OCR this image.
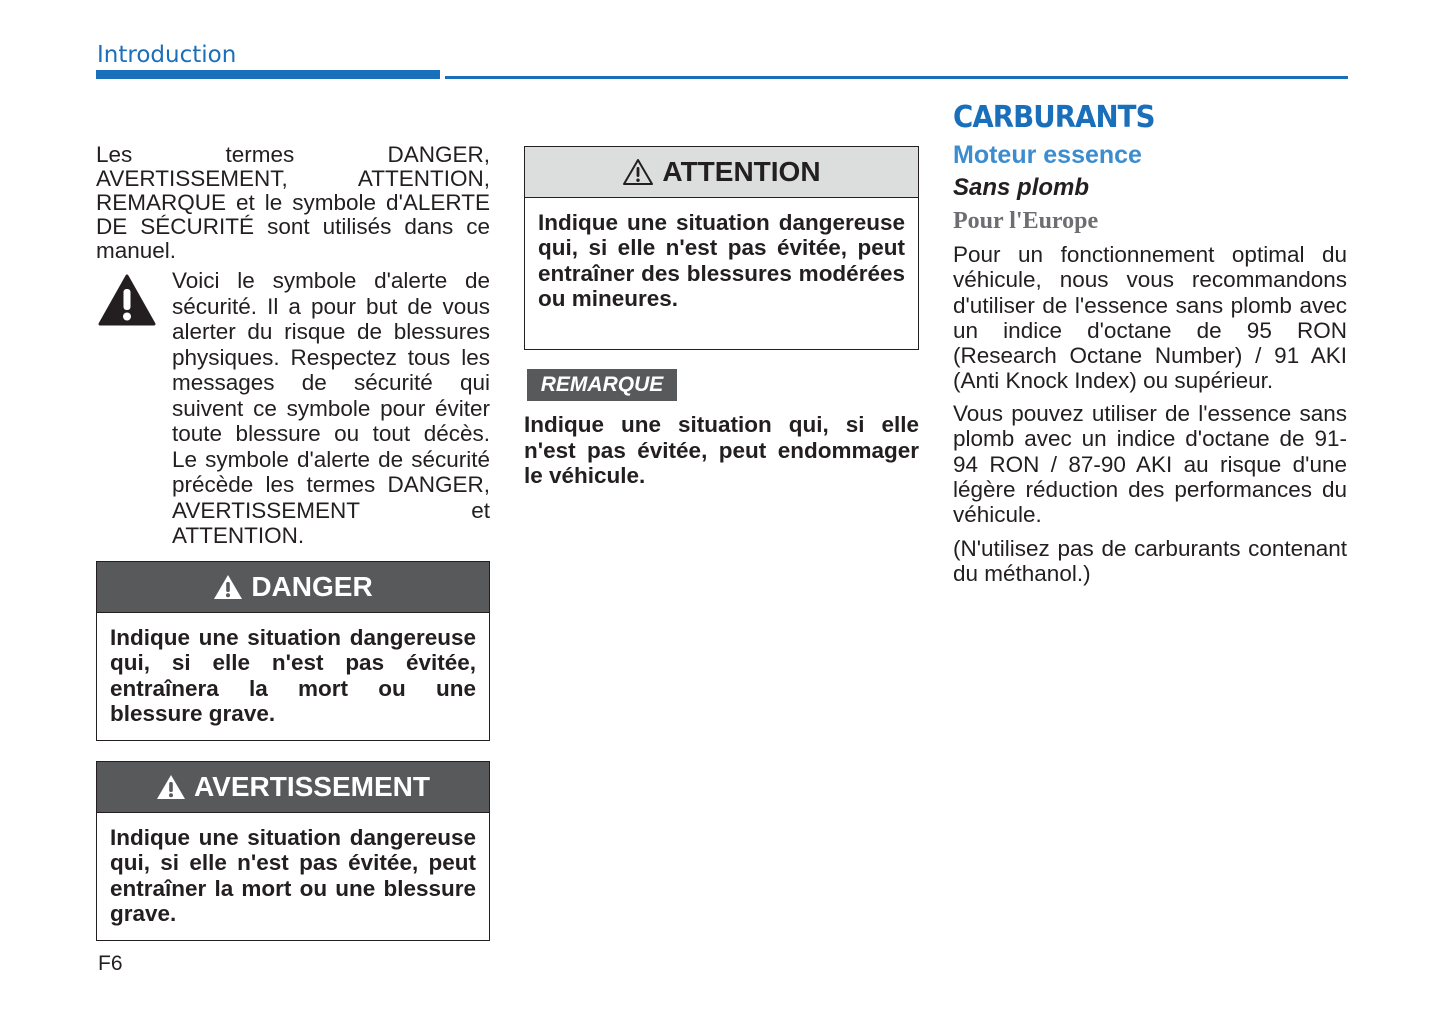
Introduction
Les termes DANGER, AVERTISSEMENT, ATTENTION, REMARQUE et le symbole d'ALERTE DE SÉCURITÉ sont utilisés dans ce manuel.
Voici le symbole d'alerte de sécurité. Il a pour but de vous alerter du risque de blessures physiques. Respectez tous les messages de sécurité qui suivent ce symbole pour éviter toute blessure ou tout décès. Le symbole d'alerte de sécurité précède les termes DANGER, AVERTISSEMENT et ATTENTION.
DANGER
Indique une situation dangereuse qui, si elle n'est pas évitée, entraînera la mort ou une blessure grave.
AVERTISSEMENT
Indique une situation dangereuse qui, si elle n'est pas évitée, peut entraîner la mort ou une blessure grave.
ATTENTION
Indique une situation dangereuse qui, si elle n'est pas évitée, peut entraîner des blessures modérées ou mineures.
REMARQUE
Indique une situation qui, si elle n'est pas évitée, peut endommager le véhicule.
CARBURANTS
Moteur essence
Sans plomb
Pour l'Europe
Pour un fonctionnement optimal du véhicule, nous vous recommandons d'utiliser de l'essence sans plomb avec un indice d'octane de 95 RON (Research Octane Number) / 91 AKI (Anti Knock Index) ou supérieur.
Vous pouvez utiliser de l'essence sans plomb avec un indice d'octane de 91-94 RON / 87-90 AKI au risque d'une légère réduction des performances du véhicule.
(N'utilisez pas de carburants contenant du méthanol.)
F6
